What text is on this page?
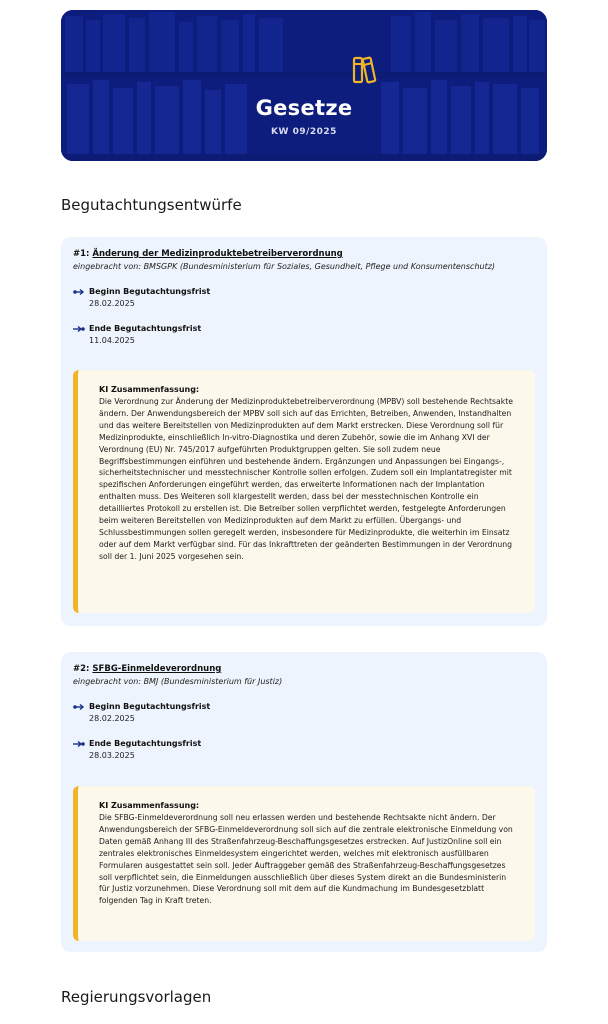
Gesetze
KW 09/2025
Begutachtungsentwürfe
#1: Änderung der Medizinproduktebetreiberverordnung
eingebracht von: BMSGPK (Bundesministerium für Soziales, Gesundheit, Pflege und Konsumentenschutz)
Beginn Begutachtungsfrist
28.02.2025
Ende Begutachtungsfrist
11.04.2025
KI Zusammenfassung:
Die Verordnung zur Änderung der Medizinproduktebetreiberverordnung (MPBV) soll bestehende Rechtsakte ändern. Der Anwendungsbereich der MPBV soll sich auf das Errichten, Betreiben, Anwenden, Instandhalten und das weitere Bereitstellen von Medizinprodukten auf dem Markt erstrecken. Diese Verordnung soll für Medizinprodukte, einschließlich In-vitro-Diagnostika und deren Zubehör, sowie die im Anhang XVI der Verordnung (EU) Nr. 745/2017 aufgeführten Produktgruppen gelten. Sie soll zudem neue Begriffsbestimmungen einführen und bestehende ändern. Ergänzungen und Anpassungen bei Eingangs-, sicherheitstechnischer und messtechnischer Kontrolle sollen erfolgen. Zudem soll ein Implantatregister mit spezifischen Anforderungen eingeführt werden, das erweiterte Informationen nach der Implantation enthalten muss. Des Weiteren soll klargestellt werden, dass bei der messtechnischen Kontrolle ein detailliertes Protokoll zu erstellen ist. Die Betreiber sollen verpflichtet werden, festgelegte Anforderungen beim weiteren Bereitstellen von Medizinprodukten auf dem Markt zu erfüllen. Übergangs- und Schlussbestimmungen sollen geregelt werden, insbesondere für Medizinprodukte, die weiterhin im Einsatz oder auf dem Markt verfügbar sind. Für das Inkrafttreten der geänderten Bestimmungen in der Verordnung soll der 1. Juni 2025 vorgesehen sein.
#2: SFBG-Einmeldeverordnung
eingebracht von: BMJ (Bundesministerium für Justiz)
Beginn Begutachtungsfrist
28.02.2025
Ende Begutachtungsfrist
28.03.2025
KI Zusammenfassung:
Die SFBG-Einmeldeverordnung soll neu erlassen werden und bestehende Rechtsakte nicht ändern. Der Anwendungsbereich der SFBG-Einmeldeverordnung soll sich auf die zentrale elektronische Einmeldung von Daten gemäß Anhang III des Straßenfahrzeug-Beschaffungsgesetzes erstrecken. Auf JustizOnline soll ein zentrales elektronisches Einmeldesystem eingerichtet werden, welches mit elektronisch ausfüllbaren Formularen ausgestattet sein soll. Jeder Auftraggeber gemäß des Straßenfahrzeug-Beschaffungsgesetzes soll verpflichtet sein, die Einmeldungen ausschließlich über dieses System direkt an die Bundesministerin für Justiz vorzunehmen. Diese Verordnung soll mit dem auf die Kundmachung im Bundesgesetzblatt folgenden Tag in Kraft treten.
Regierungsvorlagen
